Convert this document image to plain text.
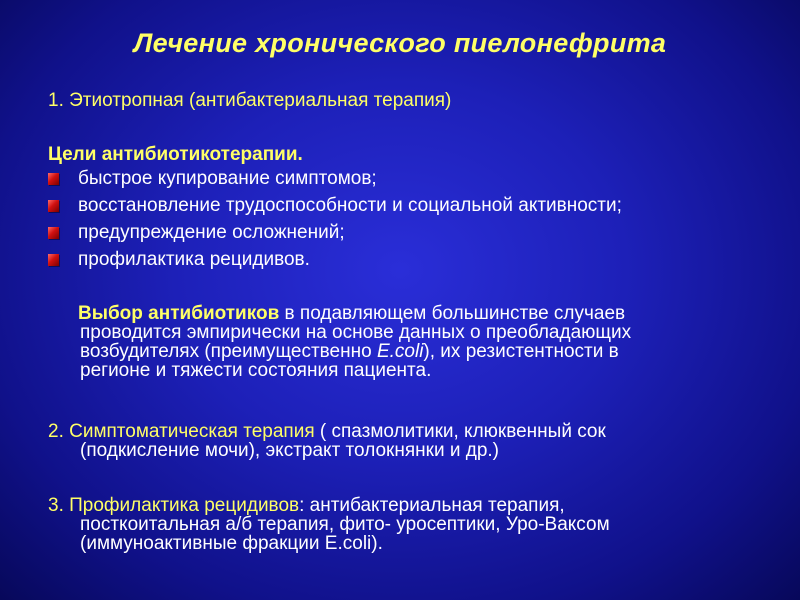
Лечение хронического пиелонефрита
1. Этиотропная (антибактериальная терапия)
Цели антибиотикотерапии.
быстрое купирование симптомов;
восстановление трудоспособности и социальной активности;
предупреждение осложнений;
профилактика рецидивов.
Выбор антибиотиков в подавляющем большинстве случаев
проводится эмпирически на основе данных о преобладающих
возбудителях (преимущественно E.coli), их резистентности в
регионе и тяжести состояния пациента.
2. Симптоматическая терапия ( спазмолитики, клюквенный сок
(подкисление мочи), экстракт толокнянки и др.)
3. Профилактика рецидивов: антибактериальная терапия,
посткоитальная а/б терапия, фито- уросептики, Уро-Ваксом
(иммуноактивные фракции E.coli).
